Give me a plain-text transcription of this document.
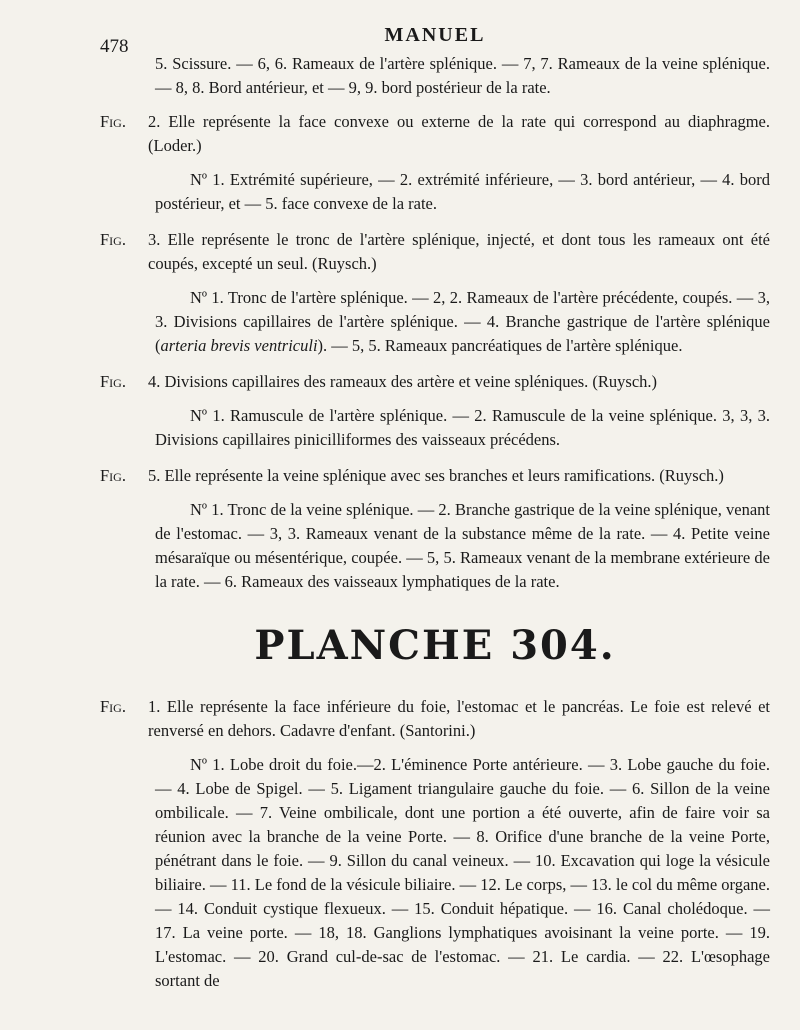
478
MANUEL

5. Scissure. — 6, 6. Rameaux de l'artère splénique. — 7, 7. Rameaux de la veine splénique. — 8, 8. Bord antérieur, et — 9, 9. bord postérieur de la rate.

Fig.	2. Elle représente la face convexe ou externe de la rate qui correspond au diaphragme. (Loder.)

Nº 1. Extrémité supérieure, — 2. extrémité inférieure, — 3. bord antérieur, — 4. bord postérieur, et — 5. face convexe de la rate.

Fig.	3. Elle représente le tronc de l'artère splénique, injecté, et dont tous les rameaux ont été coupés, excepté un seul. (Ruysch.)

Nº 1. Tronc de l'artère splénique. — 2, 2. Rameaux de l'artère précédente, coupés. — 3, 3. Divisions capillaires de l'artère splénique. — 4. Branche gastrique de l'artère splénique (arteria brevis ventriculi). — 5, 5. Rameaux pancréatiques de l'artère splénique.

Fig.	4. Divisions capillaires des rameaux des artère et veine spléniques. (Ruysch.)

Nº 1. Ramuscule de l'artère splénique. — 2. Ramuscule de la veine splénique. 3, 3, 3. Divisions capillaires pinicilliformes des vaisseaux précédens.

Fig.	5. Elle représente la veine splénique avec ses branches et leurs ramifications. (Ruysch.)

Nº 1. Tronc de la veine splénique. — 2. Branche gastrique de la veine splénique, venant de l'estomac. — 3, 3. Rameaux venant de la substance même de la rate. — 4. Petite veine mésaraïque ou mésentérique, coupée. — 5, 5. Rameaux venant de la membrane extérieure de la rate. — 6. Rameaux des vaisseaux lymphatiques de la rate.

PLANCHE 304.
Fig.	1. Elle représente la face inférieure du foie, l'estomac et le pancréas. Le foie est relevé et renversé en dehors. Cadavre d'enfant. (Santorini.)

Nº 1. Lobe droit du foie.—2. L'éminence Porte antérieure. — 3. Lobe gauche du foie. — 4. Lobe de Spigel. — 5. Ligament triangulaire gauche du foie. — 6. Sillon de la veine ombilicale. — 7. Veine ombilicale, dont une portion a été ouverte, afin de faire voir sa réunion avec la branche de la veine Porte. — 8. Orifice d'une branche de la veine Porte, pénétrant dans le foie. — 9. Sillon du canal veineux. — 10. Excavation qui loge la vésicule biliaire. — 11. Le fond de la vésicule biliaire. — 12. Le corps, — 13. le col du même organe. — 14. Conduit cystique flexueux. — 15. Conduit hépatique. — 16. Canal cholédoque. — 17. La veine porte. — 18, 18. Ganglions lymphatiques avoisinant la veine porte. — 19. L'estomac. — 20. Grand cul-de-sac de l'estomac. — 21. Le cardia. — 22. L'œsophage sortant de
